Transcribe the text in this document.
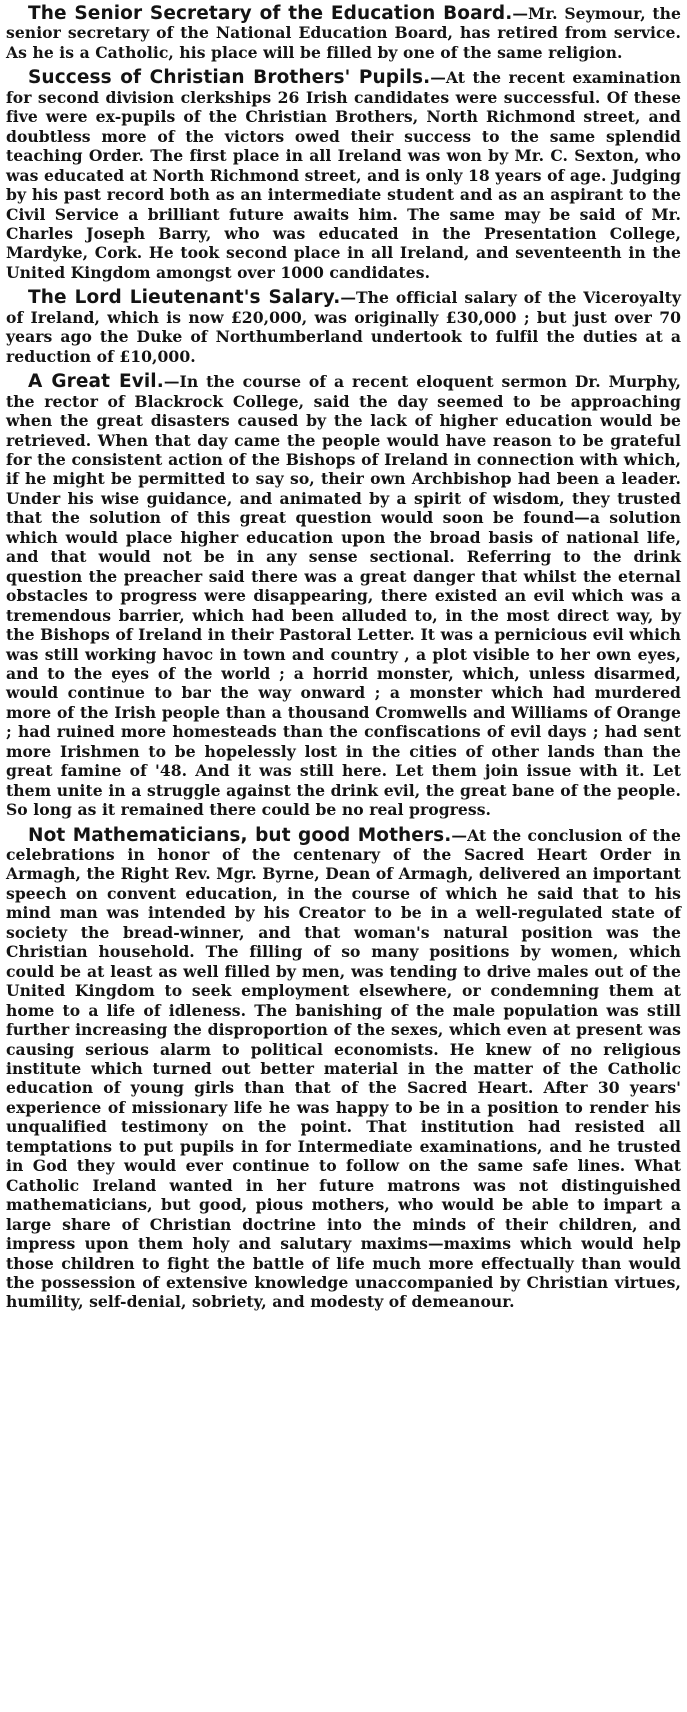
The Senior Secretary of the Education Board.—Mr. Seymour, the senior secretary of the National Education Board, has retired from service. As he is a Catholic, his place will be filled by one of the same religion.

Success of Christian Brothers' Pupils.—At the recent examination for second division clerkships 26 Irish candidates were successful. Of these five were ex-pupils of the Christian Brothers, North Richmond street, and doubtless more of the victors owed their success to the same splendid teaching Order. The first place in all Ireland was won by Mr. C. Sexton, who was educated at North Richmond street, and is only 18 years of age. Judging by his past record both as an intermediate student and as an aspirant to the Civil Service a brilliant future awaits him. The same may be said of Mr. Charles Joseph Barry, who was educated in the Presentation College, Mardyke, Cork. He took second place in all Ireland, and seventeenth in the United Kingdom amongst over 1000 candidates.

The Lord Lieutenant's Salary.—The official salary of the Viceroyalty of Ireland, which is now £20,000, was originally £30,000 ; but just over 70 years ago the Duke of Northumberland undertook to fulfil the duties at a reduction of £10,000.

A Great Evil.—In the course of a recent eloquent sermon Dr. Murphy, the rector of Blackrock College, said the day seemed to be approaching when the great disasters caused by the lack of higher education would be retrieved. When that day came the people would have reason to be grateful for the consistent action of the Bishops of Ireland in connection with which, if he might be permitted to say so, their own Archbishop had been a leader. Under his wise guidance, and animated by a spirit of wisdom, they trusted that the solution of this great question would soon be found—a solution which would place higher education upon the broad basis of national life, and that would not be in any sense sectional. Referring to the drink question the preacher said there was a great danger that whilst the eternal obstacles to progress were disappearing, there existed an evil which was a tremendous barrier, which had been alluded to, in the most direct way, by the Bishops of Ireland in their Pastoral Letter. It was a pernicious evil which was still working havoc in town and country , a plot visible to her own eyes, and to the eyes of the world ; a horrid monster, which, unless disarmed, would continue to bar the way onward ; a monster which had murdered more of the Irish people than a thousand Cromwells and Williams of Orange ; had ruined more homesteads than the confiscations of evil days ; had sent more Irishmen to be hopelessly lost in the cities of other lands than the great famine of '48. And it was still here. Let them join issue with it. Let them unite in a struggle against the drink evil, the great bane of the people. So long as it remained there could be no real progress.

Not Mathematicians, but good Mothers.—At the conclusion of the celebrations in honor of the centenary of the Sacred Heart Order in Armagh, the Right Rev. Mgr. Byrne, Dean of Armagh, delivered an important speech on convent education, in the course of which he said that to his mind man was intended by his Creator to be in a well-regulated state of society the bread-winner, and that woman's natural position was the Christian household. The filling of so many positions by women, which could be at least as well filled by men, was tending to drive males out of the United Kingdom to seek employment elsewhere, or condemning them at home to a life of idleness. The banishing of the male population was still further increasing the disproportion of the sexes, which even at present was causing serious alarm to political economists. He knew of no religious institute which turned out better material in the matter of the Catholic education of young girls than that of the Sacred Heart. After 30 years' experience of missionary life he was happy to be in a position to render his unqualified testimony on the point. That institution had resisted all temptations to put pupils in for Intermediate examinations, and he trusted in God they would ever continue to follow on the same safe lines. What Catholic Ireland wanted in her future matrons was not distinguished mathematicians, but good, pious mothers, who would be able to impart a large share of Christian doctrine into the minds of their children, and impress upon them holy and salutary maxims—maxims which would help those children to fight the battle of life much more effectually than would the possession of extensive knowledge unaccompanied by Christian virtues, humility, self-denial, sobriety, and modesty of demeanour.
